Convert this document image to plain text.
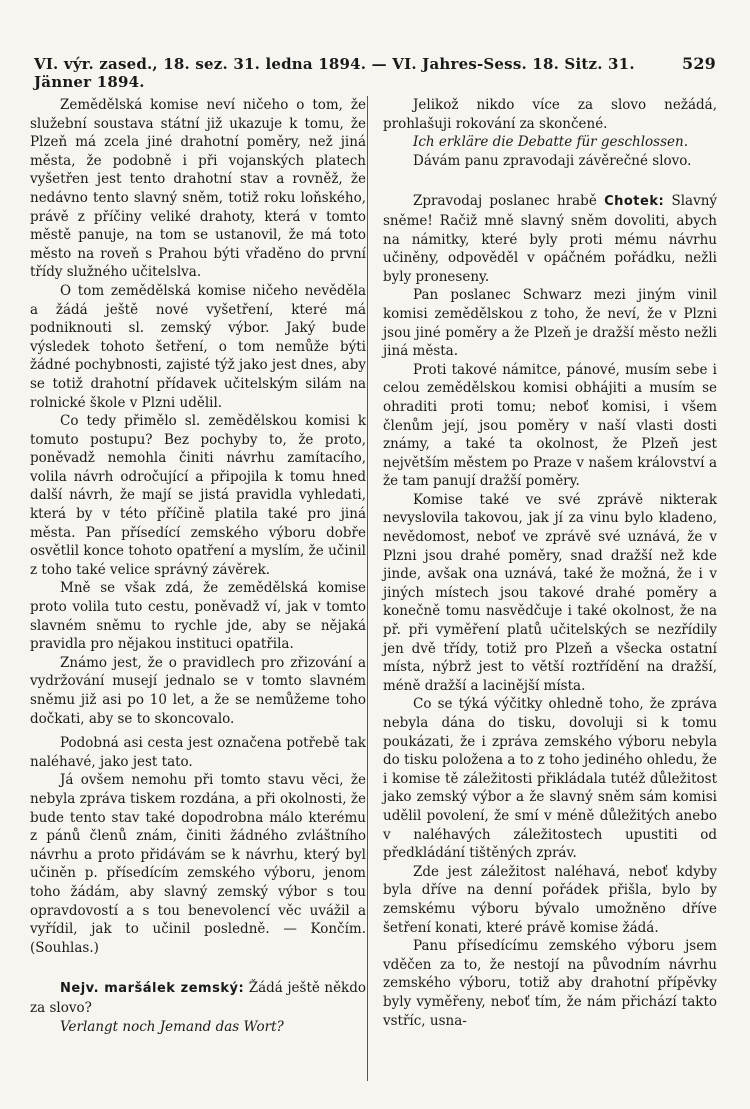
VI. výr. zased., 18. sez. 31. ledna 1894. — VI. Jahres-Sess. 18. Sitz. 31. Jänner 1894.
529

Zemědělská komise neví ničeho o tom, že služební soustava státní již ukazuje k tomu, že Plzeň má zcela jiné drahotní poměry, než jiná města, že podobně i při vojanských platech vyšetřen jest tento drahotní stav a rovněž, že nedávno tento slavný sněm, totiž roku loňského, právě z příčiny veliké drahoty, která v tomto městě panuje, na tom se ustanovil, že má toto město na roveň s Prahou býti vřaděno do první třídy služného učitelslva.

O tom zemědělská komise ničeho nevěděla a žádá ještě nové vyšetření, které má podniknouti sl. zemský výbor. Jaký bude výsledek tohoto šetření, o tom nemůže býti žádné pochybnosti, zajisté týž jako jest dnes, aby se totiž drahotní přídavek učitelským silám na rolnické škole v Plzni udělil.

Co tedy přimělo sl. zemědělskou komisi k tomuto postupu? Bez pochyby to, že proto, poněvadž nemohla činiti návrhu zamítacího, volila návrh odročující a připojila k tomu hned další návrh, že mají se jistá pravidla vyhledati, která by v této příčině platila také pro jiná města. Pan přísedící zemského výboru dobře osvětlil konce tohoto opatření a myslím, že učinil z toho také velice správný závěrek.

Mně se však zdá, že zemědělská komise proto volila tuto cestu, poněvadž ví, jak v tomto slavném sněmu to rychle jde, aby se nějaká pravidla pro nějakou instituci opatřila.

Známo jest, že o pravidlech pro zřizování a vydržování musejí jednalo se v tomto slavném sněmu již asi po 10 let, a že se nemůžeme toho dočkati, aby se to skoncovalo.

Podobná asi cesta jest označena potřebě tak naléhavé, jako jest tato.

Já ovšem nemohu při tomto stavu věci, že nebyla zpráva tiskem rozdána, a při okolnosti, že bude tento stav také dopodrobna málo kterému z pánů členů znám, činiti žádného zvláštního návrhu a proto přidávám se k návrhu, který byl učiněn p. přísedícím zemského výboru, jenom toho žádám, aby slavný zemský výbor s tou opravdovostí a s tou benevolencí věc uvážil a vyřídil, jak to učinil posledně. — Končím. (Souhlas.)

Nejv. maršálek zemský: Žádá ještě někdo za slovo?

Verlangt noch Jemand das Wort?

Jelikož nikdo více za slovo nežádá, prohlašuji rokování za skončené.

Ich erkläre die Debatte für geschlossen.

Dávám panu zpravodaji závěrečné slovo.

Zpravodaj poslanec hrabě Chotek: Slavný sněme! Račiž mně slavný sněm dovoliti, abych na námitky, které byly proti mému návrhu učiněny, odpověděl v opáčném pořádku, nežli byly proneseny.

Pan poslanec Schwarz mezi jiným vinil komisi zemědělskou z toho, že neví, že v Plzni jsou jiné poměry a že Plzeň je dražší město nežli jiná města.

Proti takové námitce, pánové, musím sebe i celou zemědělskou komisi obhájiti a musím se ohraditi proti tomu; neboť komisi, i všem členům její, jsou poměry v naší vlasti dosti známy, a také ta okolnost, že Plzeň jest největším městem po Praze v našem království a že tam panují dražší poměry.

Komise také ve své zprávě nikterak nevyslovila takovou, jak jí za vinu bylo kladeno, nevědomost, neboť ve zprávě své uznává, že v Plzni jsou drahé poměry, snad dražší než kde jinde, avšak ona uznává, také že možná, že i v jiných místech jsou takové drahé poměry a konečně tomu nasvědčuje i také okolnost, že na př. při vyměření platů učitelských se nezřídily jen dvě třídy, totiž pro Plzeň a všecka ostatní místa, nýbrž jest to větší roztřídění na dražší, méně dražší a lacinější místa.

Co se týká výčitky ohledně toho, že zpráva nebyla dána do tisku, dovoluji si k tomu poukázati, že i zpráva zemského výboru nebyla do tisku položena a to z toho jediného ohledu, že i komise tě záležitosti přikládala tutéž důležitost jako zemský výbor a že slavný sněm sám komisi udělil povolení, že smí v méně důležitých anebo v naléhavých záležitostech upustiti od předkládání tištěných zpráv.

Zde jest záležitost naléhavá, neboť kdyby byla dříve na denní pořádek přišla, bylo by zemskému výboru bývalo umožněno dříve šetření konati, které právě komise žádá.

Panu přísedícímu zemského výboru jsem vděčen za to, že nestojí na původním návrhu zemského výboru, totiž aby drahotní přípěvky byly vyměřeny, neboť tím, že nám přichází takto vstříc, usna-
